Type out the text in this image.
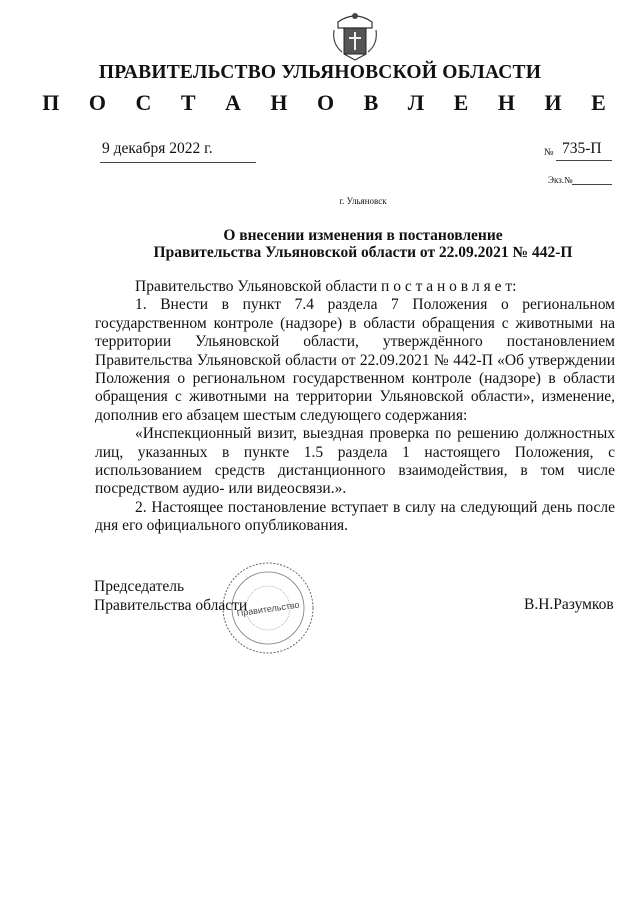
ПРАВИТЕЛЬСТВО УЛЬЯНОВСКОЙ ОБЛАСТИ
П О С Т А Н О В Л Е Н И Е
9 декабря 2022 г.	№ 735-П
Экз.№
г. Ульяновск
О внесении изменения в постановление
Правительства Ульяновской области от 22.09.2021 № 442-П

Правительство Ульяновской области п о с т а н о в л я е т:

1. Внести в пункт 7.4 раздела 7 Положения о региональном государственном контроле (надзоре) в области обращения с животными на территории Ульяновской области, утверждённого постановлением Правительства Ульяновской области от 22.09.2021 № 442-П «Об утверждении Положения о региональном государственном контроле (надзоре) в области обращения с животными на территории Ульяновской области», изменение, дополнив его абзацем шестым следующего содержания:

«Инспекционный визит, выездная проверка по решению должностных лиц, указанных в пункте 1.5 раздела 1 настоящего Положения, с использованием средств дистанционного взаимодействия, в том числе посредством аудио- или видеосвязи.».

2. Настоящее постановление вступает в силу на следующий день после дня его официального опубликования.

Правительство
Председатель
Правительства области	В.Н.Разумков
